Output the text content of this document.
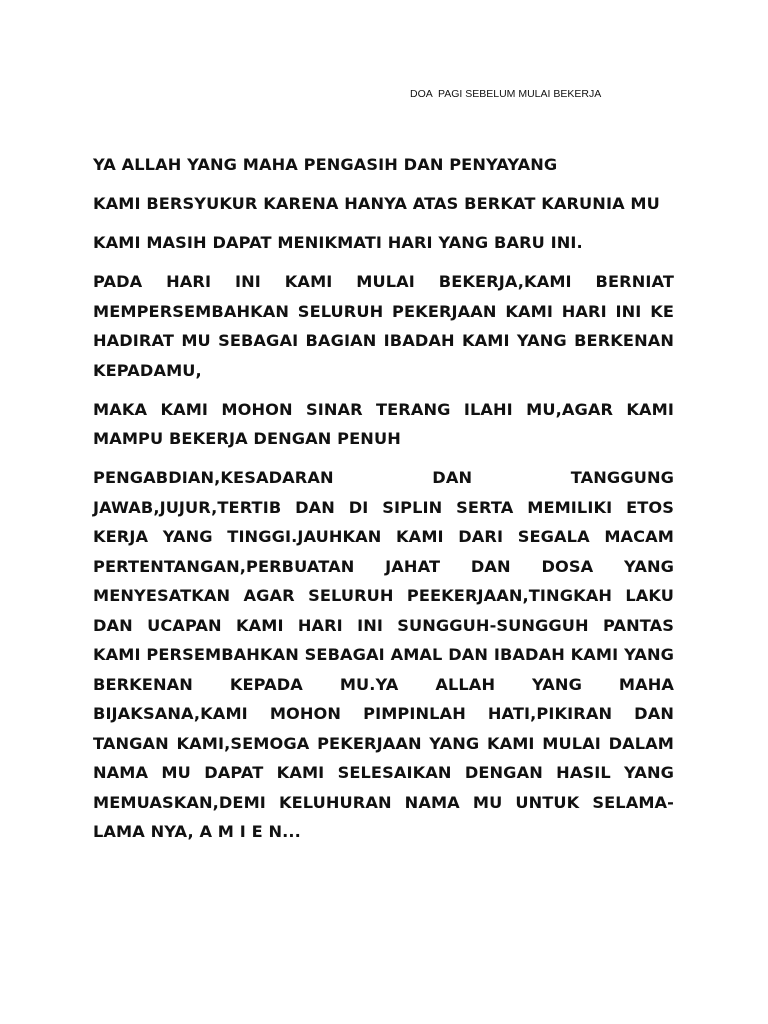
DOA  PAGI SEBELUM MULAI BEKERJA

YA ALLAH YANG MAHA PENGASIH DAN PENYAYANG

KAMI BERSYUKUR KARENA HANYA ATAS BERKAT KARUNIA MU

KAMI MASIH DAPAT MENIKMATI HARI YANG BARU INI.

PADA HARI INI KAMI MULAI BEKERJA,KAMI BERNIAT MEMPERSEMBAHKAN SELURUH PEKERJAAN KAMI HARI INI KE HADIRAT MU SEBAGAI BAGIAN IBADAH KAMI YANG BERKENAN KEPADAMU,

MAKA KAMI MOHON SINAR TERANG ILAHI MU,AGAR KAMI MAMPU BEKERJA DENGAN PENUH

PENGABDIAN,KESADARAN DAN TANGGUNG JAWAB,JUJUR,TERTIB DAN DI SIPLIN SERTA MEMILIKI ETOS KERJA YANG TINGGI.JAUHKAN KAMI DARI SEGALA MACAM PERTENTANGAN,PERBUATAN JAHAT DAN DOSA YANG MENYESATKAN AGAR SELURUH PEEKERJAAN,TINGKAH LAKU DAN UCAPAN KAMI HARI INI SUNGGUH-SUNGGUH PANTAS KAMI PERSEMBAHKAN SEBAGAI AMAL DAN IBADAH KAMI YANG BERKENAN KEPADA MU.YA ALLAH YANG MAHA BIJAKSANA,KAMI MOHON PIMPINLAH HATI,PIKIRAN DAN TANGAN KAMI,SEMOGA PEKERJAAN YANG KAMI MULAI DALAM NAMA MU DAPAT KAMI SELESAIKAN DENGAN HASIL YANG MEMUASKAN,DEMI KELUHURAN NAMA MU UNTUK SELAMA-LAMA NYA, A M I E N...
